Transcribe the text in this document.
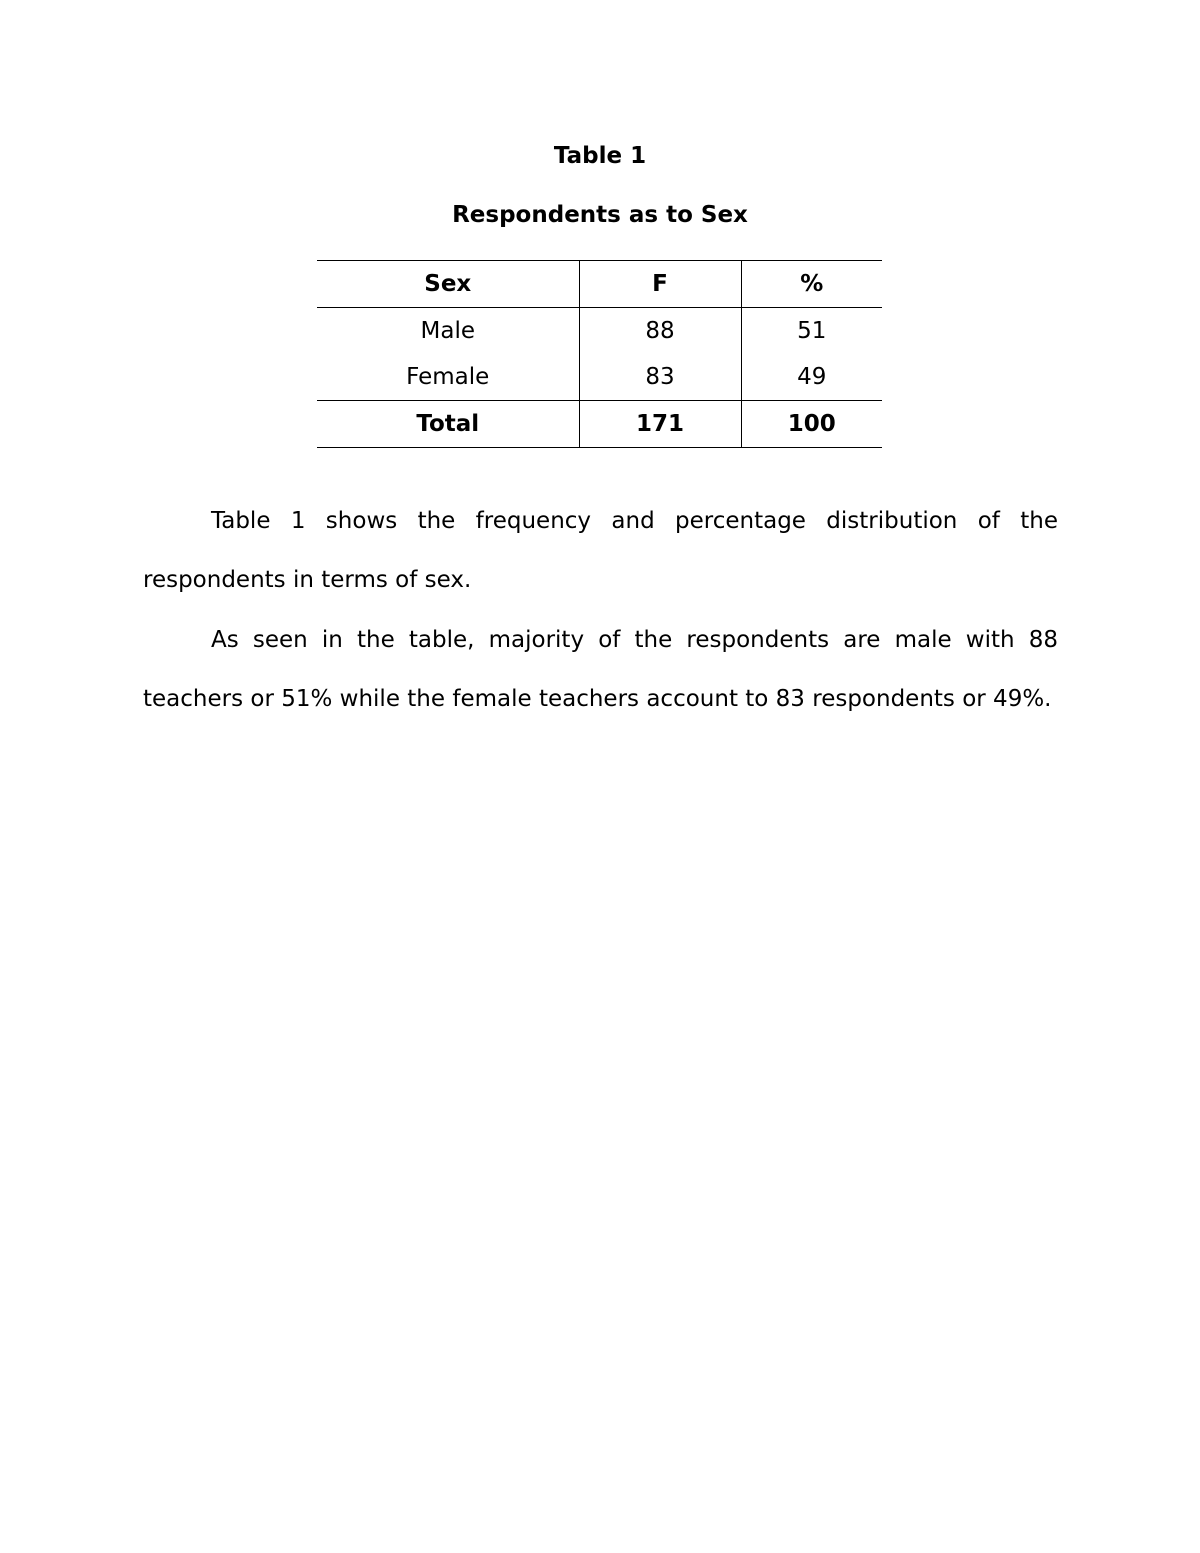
Table 1
Respondents as to Sex
Sex	F	%
Male	88	51
Female	83	49
Total	171	100

Table 1 shows the frequency and percentage distribution of the respondents in terms of sex.

As seen in the table, majority of the respondents are male with 88 teachers or 51% while the female teachers account to 83 respondents or 49%.
